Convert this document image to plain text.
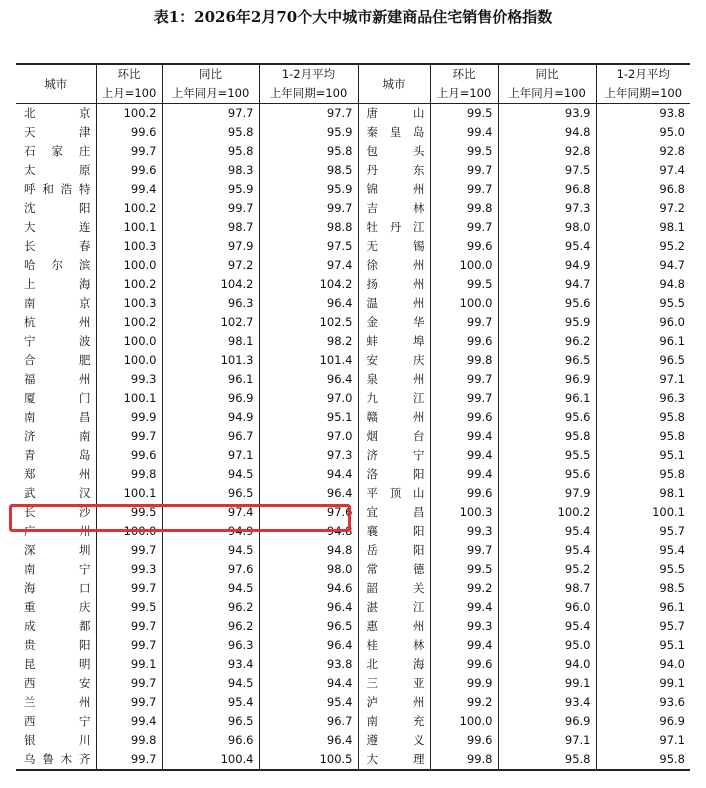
表1：2026年2月70个大中城市新建商品住宅销售价格指数
城市	环比	同比	1-2月平均	城市	环比	同比	1-2月平均
	上月=100	上年同月=100	上年同期=100		上月=100	上年同月=100	上年同期=100
北京	100.2	97.7	97.7	唐山	99.5	93.9	93.8
天津	99.6	95.8	95.9	秦皇岛	99.4	94.8	95.0
石家庄	99.7	95.8	95.8	包头	99.5	92.8	92.8
太原	99.6	98.3	98.5	丹东	99.7	97.5	97.4
呼和浩特	99.4	95.9	95.9	锦州	99.7	96.8	96.8
沈阳	100.2	99.7	99.7	吉林	99.8	97.3	97.2
大连	100.1	98.7	98.8	牡丹江	99.7	98.0	98.1
长春	100.3	97.9	97.5	无锡	99.6	95.4	95.2
哈尔滨	100.0	97.2	97.4	徐州	100.0	94.9	94.7
上海	100.2	104.2	104.2	扬州	99.5	94.7	94.8
南京	100.3	96.3	96.4	温州	100.0	95.6	95.5
杭州	100.2	102.7	102.5	金华	99.7	95.9	96.0
宁波	100.0	98.1	98.2	蚌埠	99.6	96.2	96.1
合肥	100.0	101.3	101.4	安庆	99.8	96.5	96.5
福州	99.3	96.1	96.4	泉州	99.7	96.9	97.1
厦门	100.1	96.9	97.0	九江	99.7	96.1	96.3
南昌	99.9	94.9	95.1	赣州	99.6	95.6	95.8
济南	99.7	96.7	97.0	烟台	99.4	95.8	95.8
青岛	99.6	97.1	97.3	济宁	99.4	95.5	95.1
郑州	99.8	94.5	94.4	洛阳	99.4	95.6	95.8
武汉	100.1	96.5	96.4	平顶山	99.6	97.9	98.1
长沙	99.5	97.4	97.6	宜昌	100.3	100.2	100.1
广州	100.0	94.9	94.8	襄阳	99.3	95.4	95.7
深圳	99.7	94.5	94.8	岳阳	99.7	95.4	95.4
南宁	99.3	97.6	98.0	常德	99.5	95.2	95.5
海口	99.7	94.5	94.6	韶关	99.2	98.7	98.5
重庆	99.5	96.2	96.4	湛江	99.4	96.0	96.1
成都	99.7	96.2	96.5	惠州	99.3	95.4	95.7
贵阳	99.7	96.3	96.4	桂林	99.4	95.0	95.1
昆明	99.1	93.4	93.8	北海	99.6	94.0	94.0
西安	99.7	94.5	94.4	三亚	99.9	99.1	99.1
兰州	99.7	95.4	95.4	泸州	99.2	93.4	93.6
西宁	99.4	96.5	96.7	南充	100.0	96.9	96.9
银川	99.8	96.6	96.4	遵义	99.6	97.1	97.1
乌鲁木齐	99.7	100.4	100.5	大理	99.8	95.8	95.8
